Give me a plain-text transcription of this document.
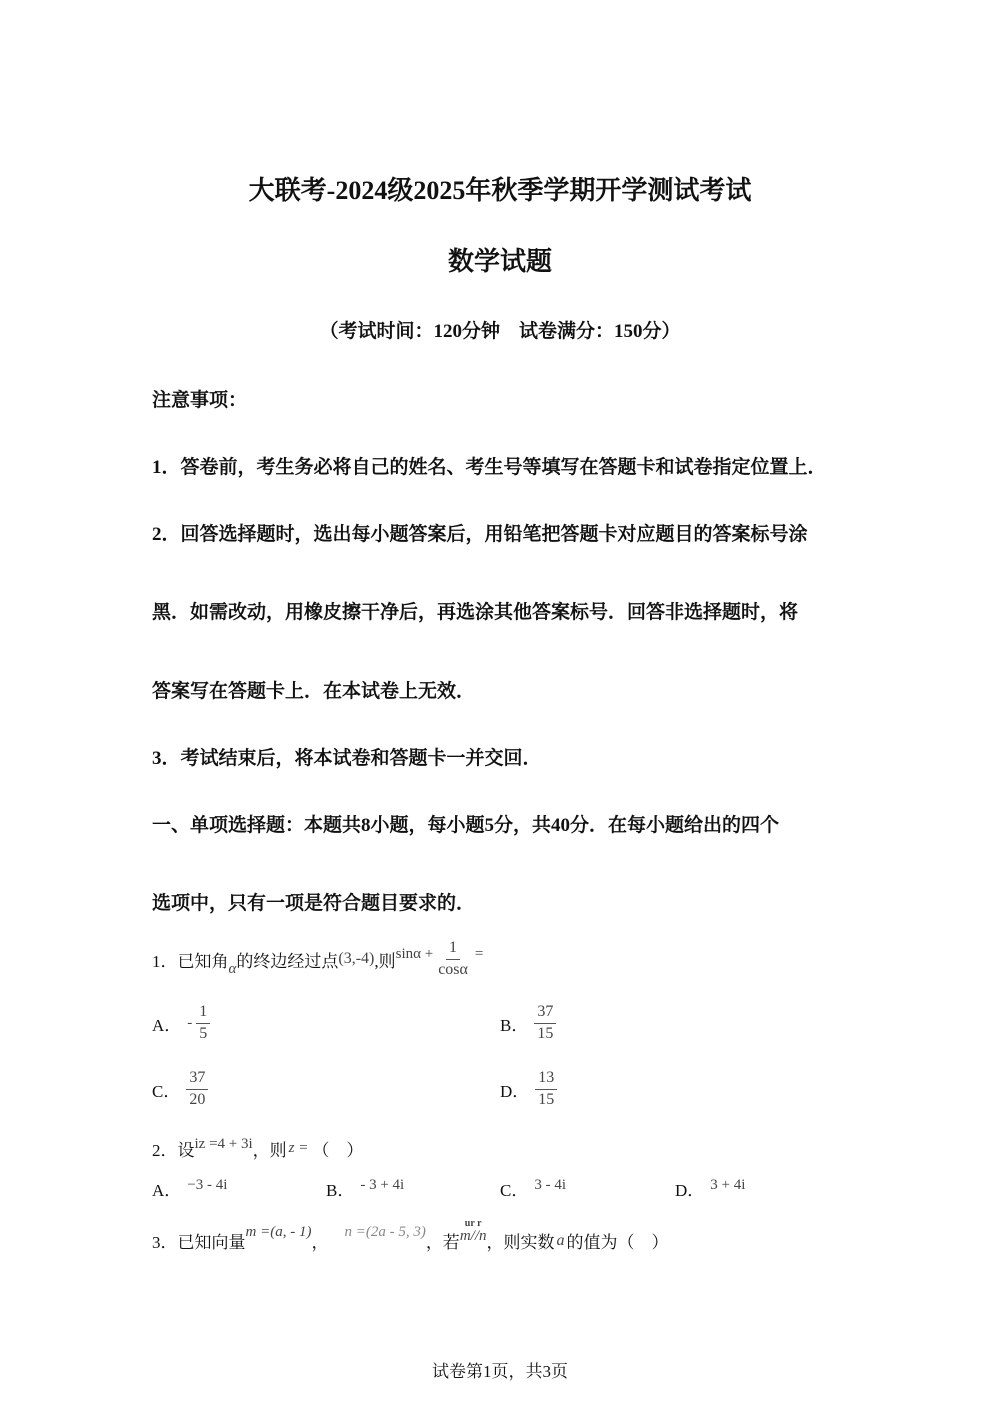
大联考-2024级2025年秋季学期开学测试考试
数学试题
（考试时间：120分钟　试卷满分：150分）
注意事项：
1．答卷前，考生务必将自己的姓名、考生号等填写在答题卡和试卷指定位置上．
2．回答选择题时，选出每小题答案后，用铅笔把答题卡对应题目的答案标号涂
黑．如需改动，用橡皮擦干净后，再选涂其他答案标号．回答非选择题时，将
答案写在答题卡上．在本试卷上无效．
3．考试结束后，将本试卷和答题卡一并交回．
一、单项选择题：本题共8小题，每小题5分，共40分．在每小题给出的四个
选项中，只有一项是符合题目要求的．
1．已知角 α 的终边经过点 (3,-4) ,则 $\sin\alpha + \frac{1}{\cos\alpha}$ =
A． - $\frac{1}{5}$	B． $\frac{37}{15}$
C． $\frac{37}{20}$	D． $\frac{13}{15}$
2．设 iz =4 + 3i ，则 z = （　）
A． −3 - 4i	B． - 3 + 4i	C． 3 - 4i	D． 3 + 4i
3．已知向量
m =(a, - 1)
，
n =(2a - 5, 3)
，若
ur r
m//n ，则实数 a 的值为（　）
试卷第1页，共3页
